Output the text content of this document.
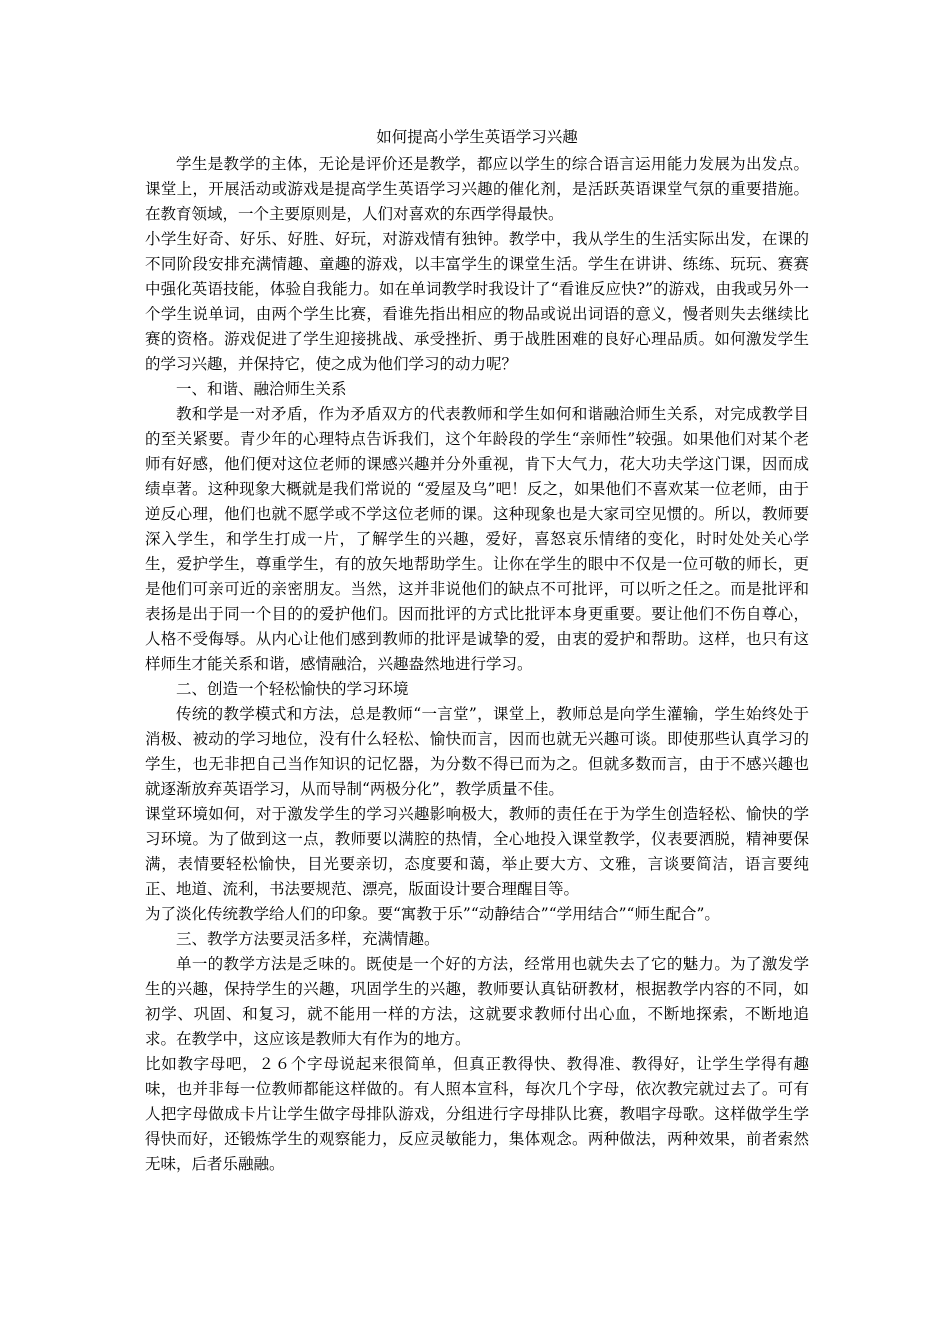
如何提高小学生英语学习兴趣

学生是教学的主体，无论是评价还是教学，都应以学生的综合语言运用能力发展为出发点。课堂上，开展活动或游戏是提高学生英语学习兴趣的催化剂，是活跃英语课堂气氛的重要措施。在教育领域，一个主要原则是，人们对喜欢的东西学得最快。

小学生好奇、好乐、好胜、好玩，对游戏情有独钟。教学中，我从学生的生活实际出发，在课的不同阶段安排充满情趣、童趣的游戏，以丰富学生的课堂生活。学生在讲讲、练练、玩玩、赛赛中强化英语技能，体验自我能力。如在单词教学时我设计了“看谁反应快?”的游戏，由我或另外一个学生说单词，由两个学生比赛，看谁先指出相应的物品或说出词语的意义，慢者则失去继续比赛的资格。游戏促进了学生迎接挑战、承受挫折、勇于战胜困难的良好心理品质。如何激发学生的学习兴趣，并保持它，使之成为他们学习的动力呢？

一、和谐、融洽师生关系

教和学是一对矛盾，作为矛盾双方的代表教师和学生如何和谐融洽师生关系，对完成教学目的至关紧要。青少年的心理特点告诉我们，这个年龄段的学生“亲师性”较强。如果他们对某个老师有好感，他们便对这位老师的课感兴趣并分外重视，肯下大气力，花大功夫学这门课，因而成绩卓著。这种现象大概就是我们常说的 “爱屋及乌”吧！反之，如果他们不喜欢某一位老师，由于逆反心理，他们也就不愿学或不学这位老师的课。这种现象也是大家司空见惯的。所以，教师要深入学生，和学生打成一片，了解学生的兴趣，爱好，喜怒哀乐情绪的变化，时时处处关心学生，爱护学生，尊重学生，有的放矢地帮助学生。让你在学生的眼中不仅是一位可敬的师长，更是他们可亲可近的亲密朋友。当然，这并非说他们的缺点不可批评，可以听之任之。而是批评和表扬是出于同一个目的的爱护他们。因而批评的方式比批评本身更重要。要让他们不伤自尊心，人格不受侮辱。从内心让他们感到教师的批评是诚挚的爱，由衷的爱护和帮助。这样，也只有这样师生才能关系和谐，感情融洽，兴趣盎然地进行学习。

二、创造一个轻松愉快的学习环境

传统的教学模式和方法，总是教师“一言堂”，课堂上，教师总是向学生灌输，学生始终处于消极、被动的学习地位，没有什么轻松、愉快而言，因而也就无兴趣可谈。即使那些认真学习的学生，也无非把自己当作知识的记忆器，为分数不得已而为之。但就多数而言，由于不感兴趣也就逐渐放弃英语学习，从而导制“两极分化”，教学质量不佳。

课堂环境如何，对于激发学生的学习兴趣影响极大，教师的责任在于为学生创造轻松、愉快的学习环境。为了做到这一点，教师要以满腔的热情，全心地投入课堂教学，仪表要洒脱，精神要保满，表情要轻松愉快，目光要亲切，态度要和蔼，举止要大方、文雅，言谈要简洁，语言要纯正、地道、流利，书法要规范、漂亮，版面设计要合理醒目等。

为了淡化传统教学给人们的印象。要“寓教于乐”“动静结合”“学用结合”“师生配合”。

三、教学方法要灵活多样，充满情趣。

单一的教学方法是乏味的。既使是一个好的方法，经常用也就失去了它的魅力。为了激发学生的兴趣，保持学生的兴趣，巩固学生的兴趣，教师要认真钻研教材，根据教学内容的不同，如初学、巩固、和复习，就不能用一样的方法，这就要求教师付出心血，不断地探索，不断地追求。在教学中，这应该是教师大有作为的地方。

比如教字母吧，２６个字母说起来很简单，但真正教得快、教得准、教得好，让学生学得有趣味，也并非每一位教师都能这样做的。有人照本宣科，每次几个字母，依次教完就过去了。可有人把字母做成卡片让学生做字母排队游戏，分组进行字母排队比赛，教唱字母歌。这样做学生学得快而好，还锻炼学生的观察能力，反应灵敏能力，集体观念。两种做法，两种效果，前者索然无味，后者乐融融。
